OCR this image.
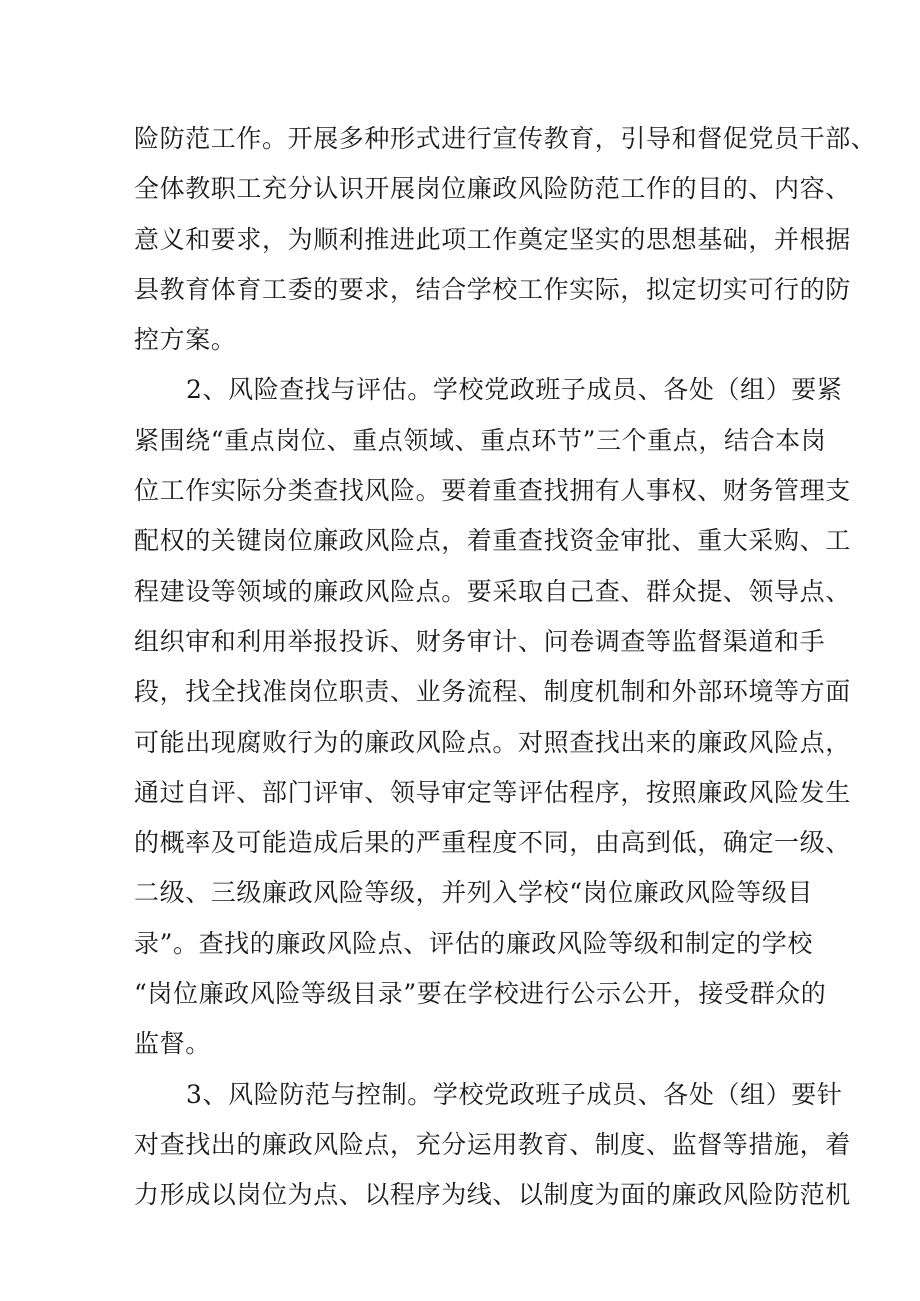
险防范工作。开展多种形式进行宣传教育，引导和督促党员干部、
全体教职工充分认识开展岗位廉政风险防范工作的目的、内容、
意义和要求，为顺利推进此项工作奠定坚实的思想基础，并根据
县教育体育工委的要求，结合学校工作实际，拟定切实可行的防
控方案。
2、风险查找与评估。学校党政班子成员、各处（组）要紧
紧围绕“重点岗位、重点领域、重点环节”三个重点，结合本岗
位工作实际分类查找风险。要着重查找拥有人事权、财务管理支
配权的关键岗位廉政风险点，着重查找资金审批、重大采购、工
程建设等领域的廉政风险点。要采取自己查、群众提、领导点、
组织审和利用举报投诉、财务审计、问卷调查等监督渠道和手
段，找全找准岗位职责、业务流程、制度机制和外部环境等方面
可能出现腐败行为的廉政风险点。对照查找出来的廉政风险点，
通过自评、部门评审、领导审定等评估程序，按照廉政风险发生
的概率及可能造成后果的严重程度不同，由高到低，确定一级、
二级、三级廉政风险等级，并列入学校“岗位廉政风险等级目
录”。查找的廉政风险点、评估的廉政风险等级和制定的学校
“岗位廉政风险等级目录”要在学校进行公示公开，接受群众的
监督。
3、风险防范与控制。学校党政班子成员、各处（组）要针
对查找出的廉政风险点，充分运用教育、制度、监督等措施，着
力形成以岗位为点、以程序为线、以制度为面的廉政风险防范机
